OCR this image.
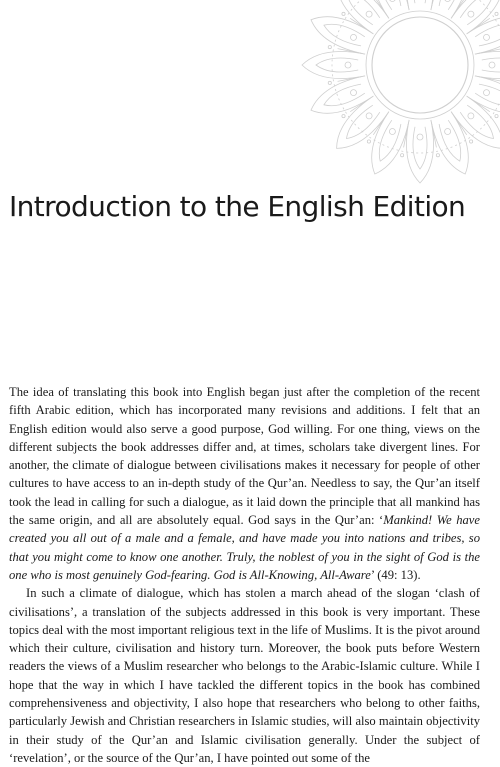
Introduction to the English Edition

The idea of translating this book into English began just after the completion of the recent fifth Arabic edition, which has incorporated many revisions and additions. I felt that an English edition would also serve a good purpose, God willing. For one thing, views on the different subjects the book addresses differ and, at times, scholars take divergent lines. For another, the climate of dialogue between civilisations makes it necessary for people of other cultures to have access to an in-depth study of the Qur’an. Needless to say, the Qur’an itself took the lead in calling for such a dialogue, as it laid down the principle that all mankind has the same origin, and all are absolutely equal. God says in the Qur’an: ‘Mankind! We have created you all out of a male and a female, and have made you into nations and tribes, so that you might come to know one another. Truly, the noblest of you in the sight of God is the one who is most genuinely God-fearing. God is All-Knowing, All-Aware’ (49: 13).

In such a climate of dialogue, which has stolen a march ahead of the slogan ‘clash of civilisations’, a translation of the subjects addressed in this book is very important. These topics deal with the most important religious text in the life of Muslims. It is the pivot around which their culture, civilisation and history turn. Moreover, the book puts before Western readers the views of a Muslim researcher who belongs to the Arabic-Islamic culture. While I hope that the way in which I have tackled the different topics in the book has combined comprehensiveness and objectivity, I also hope that researchers who belong to other faiths, particularly Jewish and Christian researchers in Islamic studies, will also maintain objectivity in their study of the Qur’an and Islamic civilisation generally. Under the subject of ‘revelation’, or the source of the Qur’an, I have pointed out some of the
